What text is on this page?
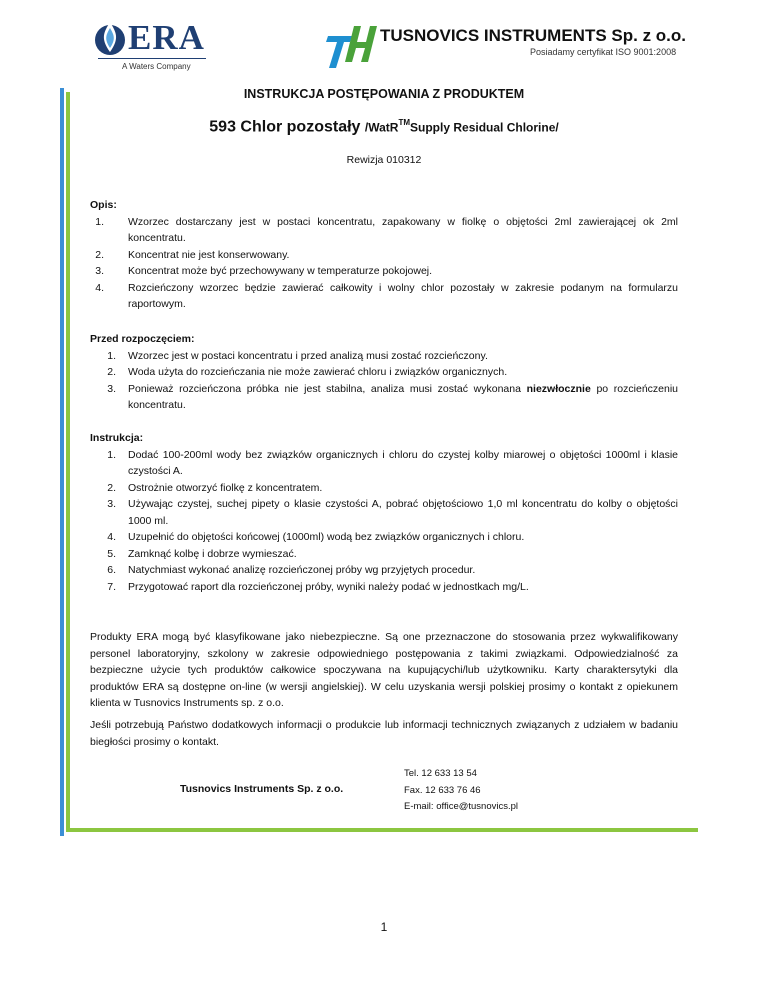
ERA
A Waters Company
TUSNOVICS INSTRUMENTS Sp. z o.o.
Posiadamy certyfikat ISO 9001:2008
INSTRUKCJA POSTĘPOWANIA Z PRODUKTEM
593 Chlor pozostały /WatR™Supply Residual Chlorine/
Rewizja 010312

Opis:

1. Wzorzec dostarczany jest w postaci koncentratu, zapakowany w fiolkę o objętości 2ml zawierającej ok 2ml koncentratu.
2. Koncentrat nie jest konserwowany.
3. Koncentrat może być przechowywany w temperaturze pokojowej.
4. Rozcieńczony wzorzec będzie zawierać całkowity i wolny chlor pozostały w zakresie podanym na formularzu raportowym.

Przed rozpoczęciem:

1. Wzorzec jest w postaci koncentratu i przed analizą musi zostać rozcieńczony.
2. Woda użyta do rozcieńczania nie może zawierać chloru i związków organicznych.
3. Ponieważ rozcieńczona próbka nie jest stabilna, analiza musi zostać wykonana niezwłocznie po rozcieńczeniu koncentratu.

Instrukcja:

1. Dodać 100-200ml wody bez związków organicznych i chloru do czystej kolby miarowej o objętości 1000ml i klasie czystości A.
2. Ostrożnie otworzyć fiolkę z koncentratem.
3. Używając czystej, suchej pipety o klasie czystości A, pobrać objętościowo 1,0 ml koncentratu do kolby o objętości 1000 ml.
4. Uzupełnić do objętości końcowej (1000ml) wodą bez związków organicznych i chloru.
5. Zamknąć kolbę i dobrze wymieszać.
6. Natychmiast wykonać analizę rozcieńczonej próby wg przyjętych procedur.
7. Przygotować raport dla rozcieńczonej próby, wyniki należy podać w jednostkach mg/L.

Produkty ERA mogą być klasyfikowane jako niebezpieczne. Są one przeznaczone do stosowania przez wykwalifikowany personel laboratoryjny, szkolony w zakresie odpowiedniego postępowania z takimi związkami. Odpowiedzialność za bezpieczne użycie tych produktów całkowice spoczywana na kupującychi/lub użytkowniku. Karty charaktersytyki dla produktów ERA są dostępne on-line (w wersji angielskiej). W celu uzyskania wersji polskiej prosimy o kontakt z opiekunem klienta w Tusnovics Instruments sp. z o.o.

Jeśli potrzebują Państwo dodatkowych informacji o produkcie lub informacji technicznych związanych z udziałem w badaniu biegłości prosimy o kontakt.

Tusnovics Instruments Sp. z o.o.
Tel. 12 633 13 54
Fax. 12 633 76 46
E-mail: office@tusnovics.pl
1
